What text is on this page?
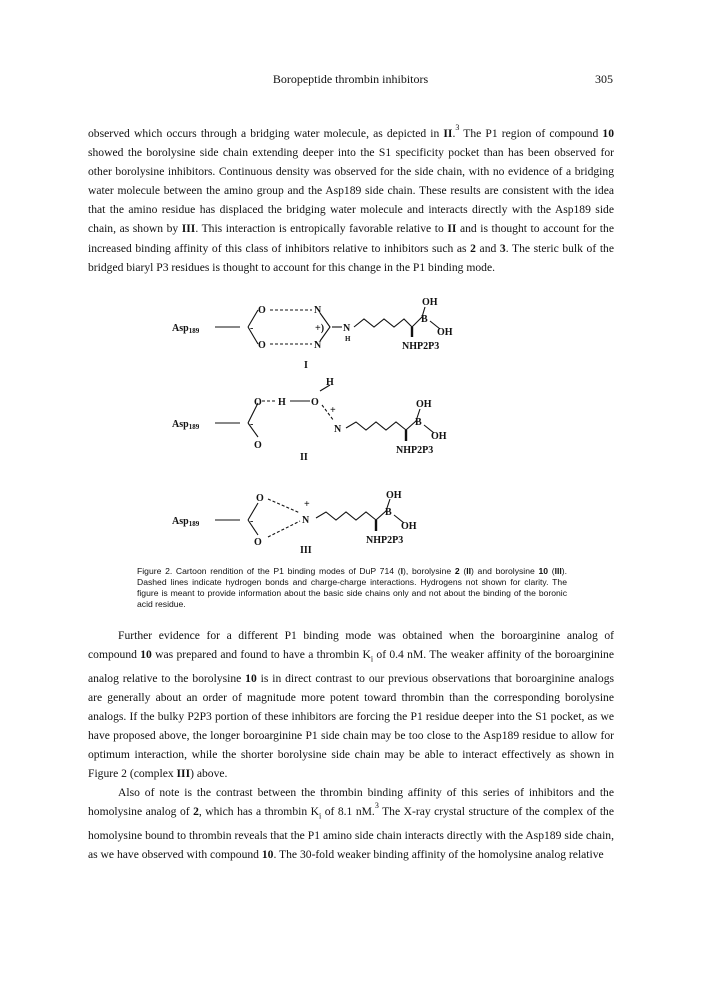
Boropeptide thrombin inhibitors	305

observed which occurs through a bridging water molecule, as depicted in II.$^3$ The P1 region of compound 10 showed the borolysine side chain extending deeper into the S1 specificity pocket than has been observed for other borolysine inhibitors. Continuous density was observed for the side chain, with no evidence of a bridging water molecule between the amino group and the Asp189 side chain. These results are consistent with the idea that the amino residue has displaced the bridging water molecule and interacts directly with the Asp189 side chain, as shown by III. This interaction is entropically favorable relative to II and is thought to account for the increased binding affinity of this class of inhibitors relative to inhibitors such as 2 and 3. The steric bulk of the bridged biaryl P3 residues is thought to account for this change in the P1 binding mode.

Asp$_{189}$	-
O
O
N
N
+) N
H
B
OH
OH
NHP2P3
I
Asp$_{189}$	-
O
O
H	O
H
+
N
B
OH
OH
NHP2P3
II
Asp$_{189}$	-
O
O
+
N
B
OH
OH
NHP2P3
III

Figure 2. Cartoon rendition of the P1 binding modes of DuP 714 (I), borolysine 2 (II) and borolysine 10 (III). Dashed lines indicate hydrogen bonds and charge-charge interactions. Hydrogens not shown for clarity. The figure is meant to provide information about the basic side chains only and not about the binding of the boronic acid residue.

Further evidence for a different P1 binding mode was obtained when the boroarginine analog of compound 10 was prepared and found to have a thrombin $K_i$ of 0.4 nM. The weaker affinity of the boroarginine analog relative to the borolysine 10 is in direct contrast to our previous observations that boroarginine analogs are generally about an order of magnitude more potent toward thrombin than the corresponding borolysine analogs. If the bulky P2P3 portion of these inhibitors are forcing the P1 residue deeper into the S1 pocket, as we have proposed above, the longer boroarginine P1 side chain may be too close to the Asp189 residue to allow for optimum interaction, while the shorter borolysine side chain may be able to interact effectively as shown in Figure 2 (complex III) above.

Also of note is the contrast between the thrombin binding affinity of this series of inhibitors and the homolysine analog of 2, which has a thrombin $K_i$ of 8.1 nM.$^3$ The X-ray crystal structure of the complex of the homolysine bound to thrombin reveals that the P1 amino side chain interacts directly with the Asp189 side chain, as we have observed with compound 10. The 30-fold weaker binding affinity of the homolysine analog relative
